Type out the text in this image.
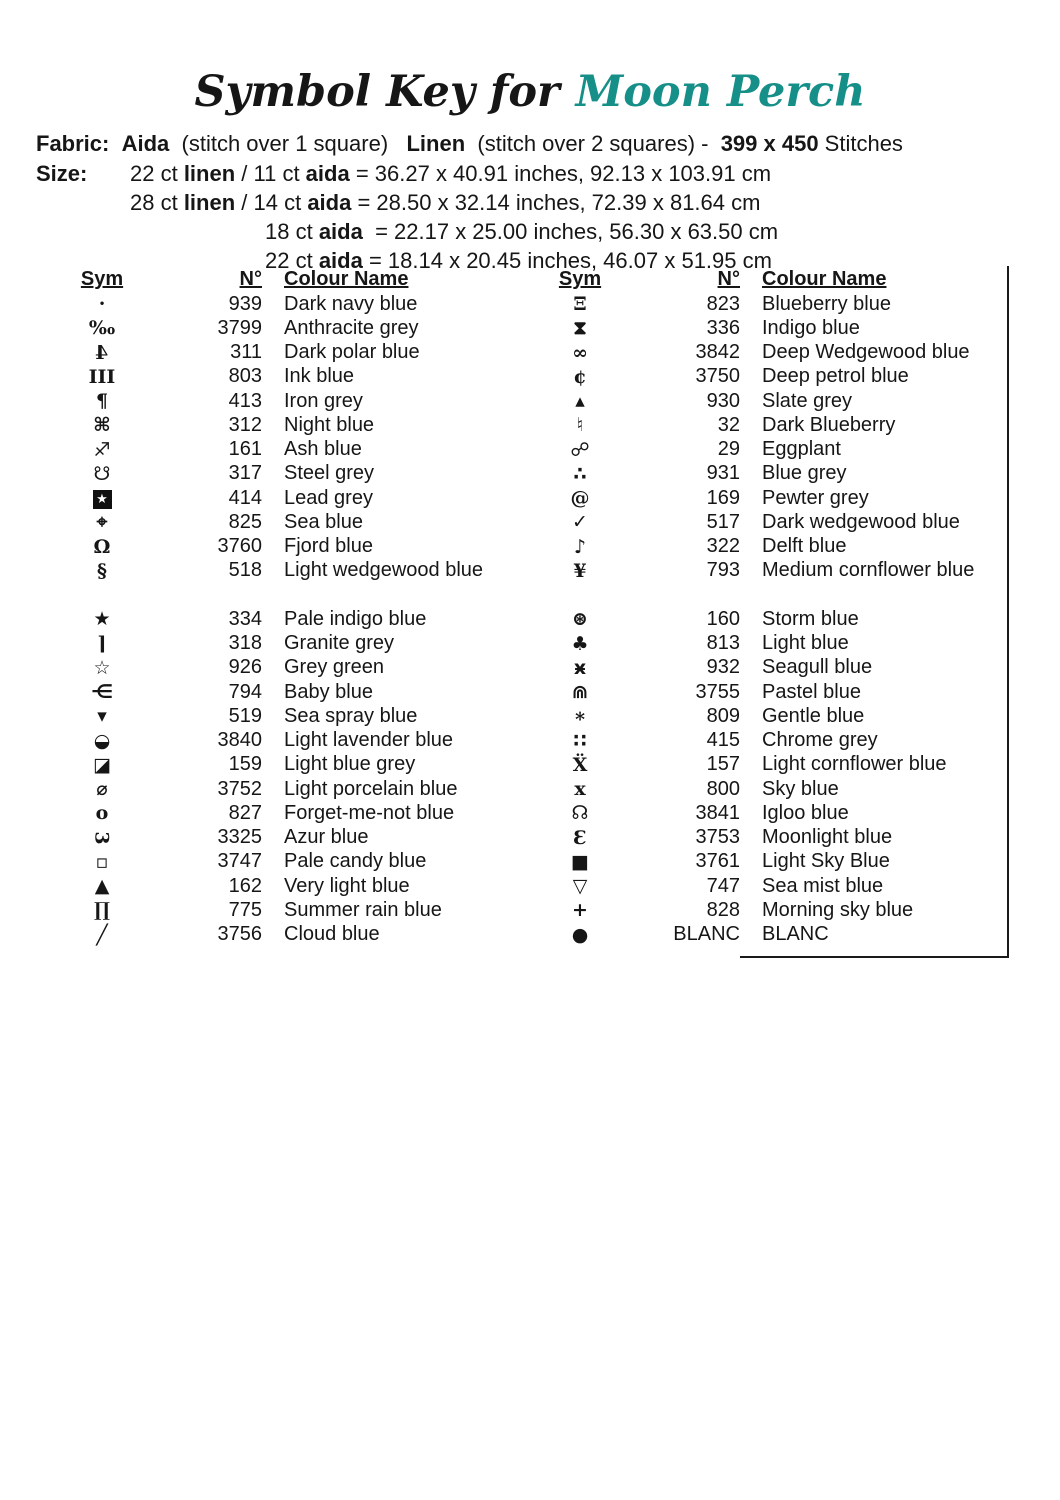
Symbol Key for Moon Perch
Fabric: Aida  (stitch over 1 square)   Linen  (stitch over 2 squares) -  399 x 450 Stitches
Size: 22 ct linen / 11 ct aida = 36.27 x 40.91 inches, 92.13 x 103.91 cm
28 ct linen / 14 ct aida = 28.50 x 32.14 inches, 72.39 x 81.64 cm
18 ct aida  = 22.17 x 25.00 inches, 56.30 x 63.50 cm
22 ct aida = 18.14 x 20.45 inches, 46.07 x 51.95 cm
Sym	N°	Colour Name
·	939	Dark navy blue
‰	3799	Anthracite grey
4	311	Dark polar blue
III	803	Ink blue
¶	413	Iron grey
⌘	312	Night blue
♐	161	Ash blue
☋	317	Steel grey
★	414	Lead grey
⌖	825	Sea blue
Ω	3760	Fjord blue
§	518	Light wedgewood blue
★	334	Pale indigo blue
⌉	318	Granite grey
☆	926	Grey green
⋲	794	Baby blue
▾	519	Sea spray blue
◒	3840	Light lavender blue
◪	159	Light blue grey
⌀	3752	Light porcelain blue
o	827	Forget-me-not blue
3	3325	Azur blue
▫	3747	Pale candy blue
▲	162	Very light blue
∏	775	Summer rain blue
╱	3756	Cloud blue
Sym	N°	Colour Name
Ξ	823	Blueberry blue
⧗	336	Indigo blue
∞	3842	Deep Wedgewood blue
¢	3750	Deep petrol blue
▴	930	Slate grey
♮	32	Dark Blueberry
☍	29	Eggplant
∴	931	Blue grey
@	169	Pewter grey
✓	517	Dark wedgewood blue
♪	322	Delft blue
¥	793	Medium cornflower blue
⊛	160	Storm blue
♣	813	Light blue
ӿ	932	Seagull blue
⋒	3755	Pastel blue
∗	809	Gentle blue
∷	415	Chrome grey
Ẍ	157	Light cornflower blue
x	800	Sky blue
☊	3841	Igloo blue
Ɛ	3753	Moonlight blue
■	3761	Light Sky Blue
▽	747	Sea mist blue
+	828	Morning sky blue
●	BLANC	BLANC
